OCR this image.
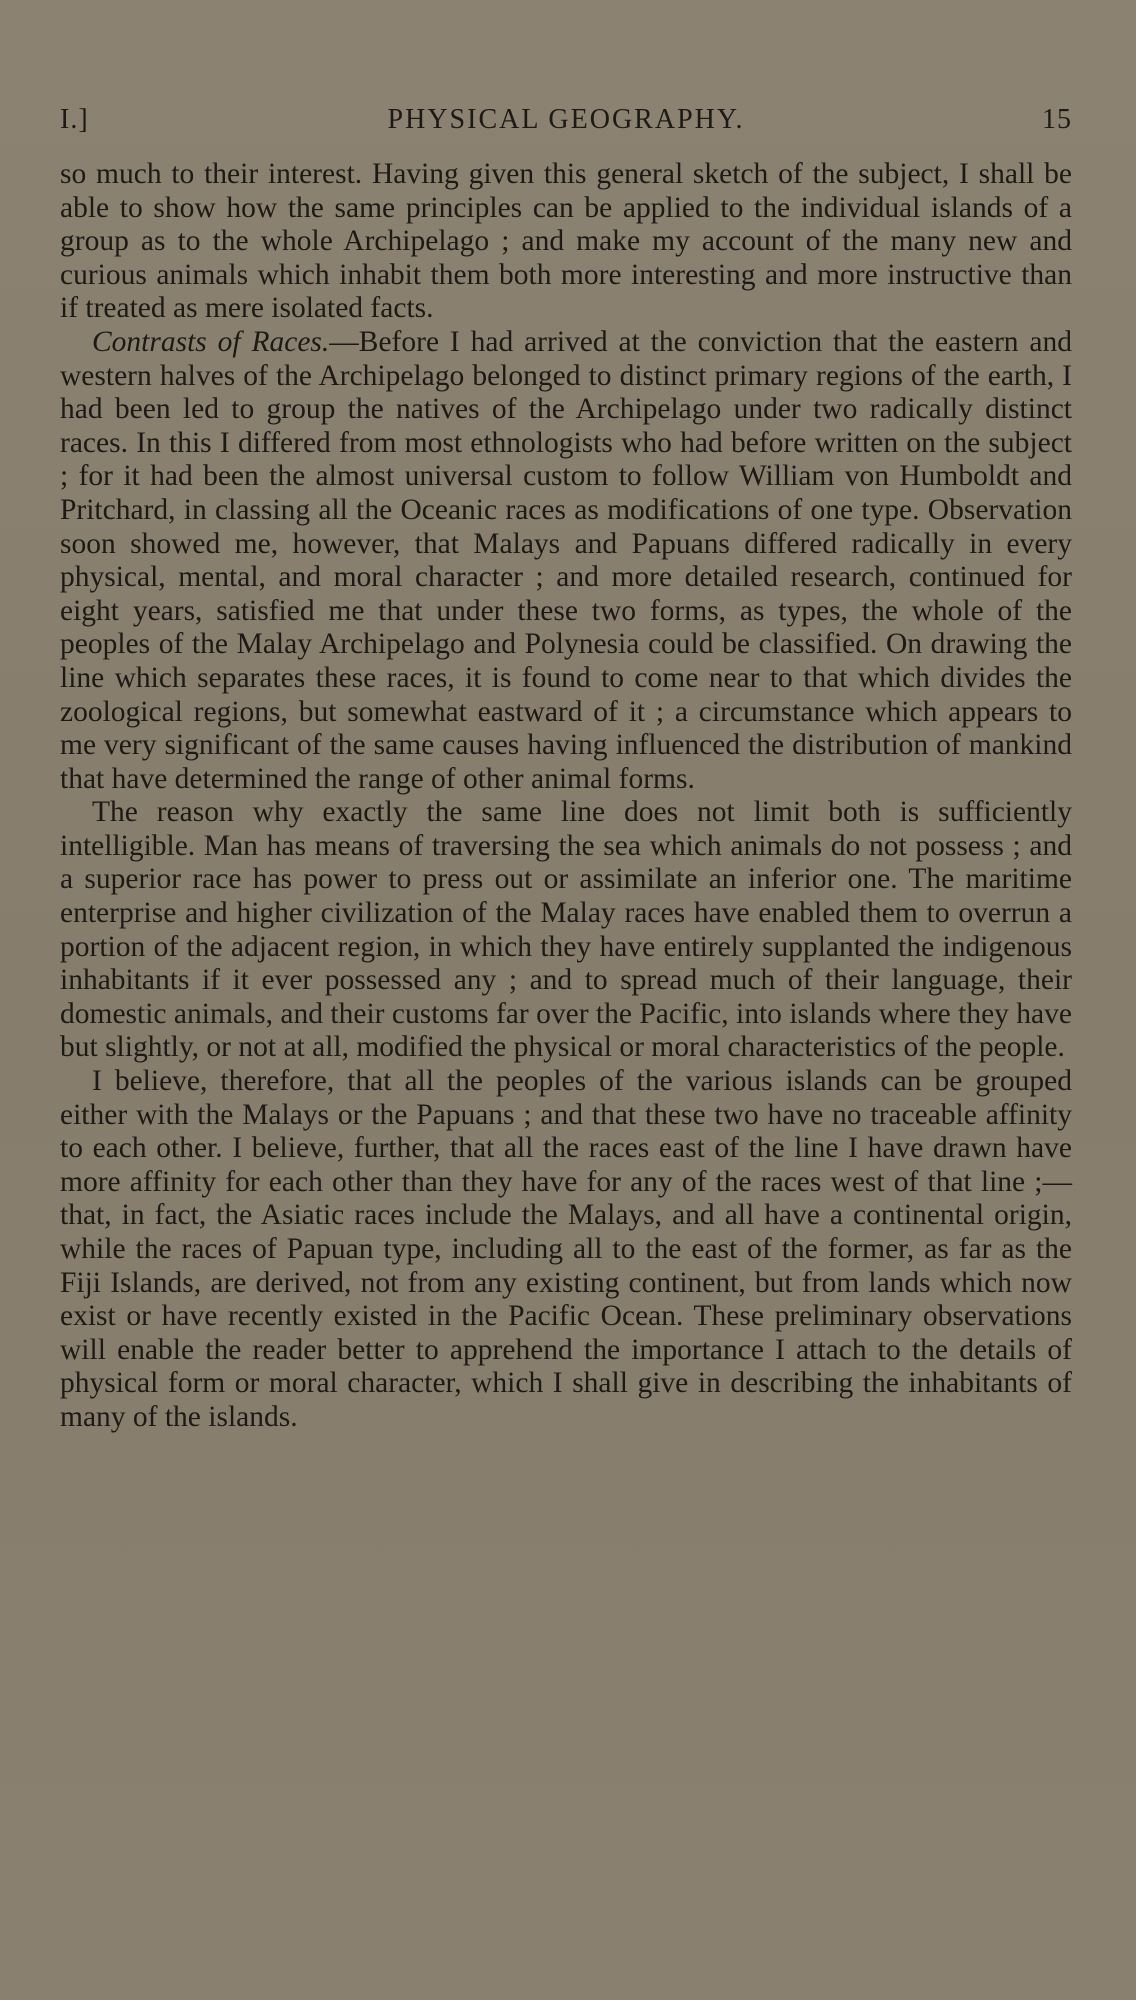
I.]	PHYSICAL GEOGRAPHY.	15

so much to their interest. Having given this general sketch of the subject, I shall be able to show how the same principles can be applied to the individual islands of a group as to the whole Archipelago ; and make my account of the many new and curious animals which inhabit them both more interesting and more instructive than if treated as mere isolated facts.

Contrasts of Races.—Before I had arrived at the conviction that the eastern and western halves of the Archipelago belonged to distinct primary regions of the earth, I had been led to group the natives of the Archipelago under two radically distinct races. In this I differed from most ethnologists who had before written on the subject ; for it had been the almost universal custom to follow William von Humboldt and Pritchard, in classing all the Oceanic races as modifications of one type. Observation soon showed me, however, that Malays and Papuans differed radically in every physical, mental, and moral character ; and more detailed research, continued for eight years, satisfied me that under these two forms, as types, the whole of the peoples of the Malay Archipelago and Polynesia could be classified. On drawing the line which separates these races, it is found to come near to that which divides the zoological regions, but somewhat eastward of it ; a circumstance which appears to me very significant of the same causes having influenced the distribution of mankind that have determined the range of other animal forms.

The reason why exactly the same line does not limit both is sufficiently intelligible. Man has means of traversing the sea which animals do not possess ; and a superior race has power to press out or assimilate an inferior one. The maritime enterprise and higher civilization of the Malay races have enabled them to overrun a portion of the adjacent region, in which they have entirely supplanted the indigenous inhabitants if it ever possessed any ; and to spread much of their language, their domestic animals, and their customs far over the Pacific, into islands where they have but slightly, or not at all, modified the physical or moral characteristics of the people.

I believe, therefore, that all the peoples of the various islands can be grouped either with the Malays or the Papuans ; and that these two have no traceable affinity to each other. I believe, further, that all the races east of the line I have drawn have more affinity for each other than they have for any of the races west of that line ;—that, in fact, the Asiatic races include the Malays, and all have a continental origin, while the races of Papuan type, including all to the east of the former, as far as the Fiji Islands, are derived, not from any existing continent, but from lands which now exist or have recently existed in the Pacific Ocean. These preliminary observations will enable the reader better to apprehend the importance I attach to the details of physical form or moral character, which I shall give in describing the inhabitants of many of the islands.
